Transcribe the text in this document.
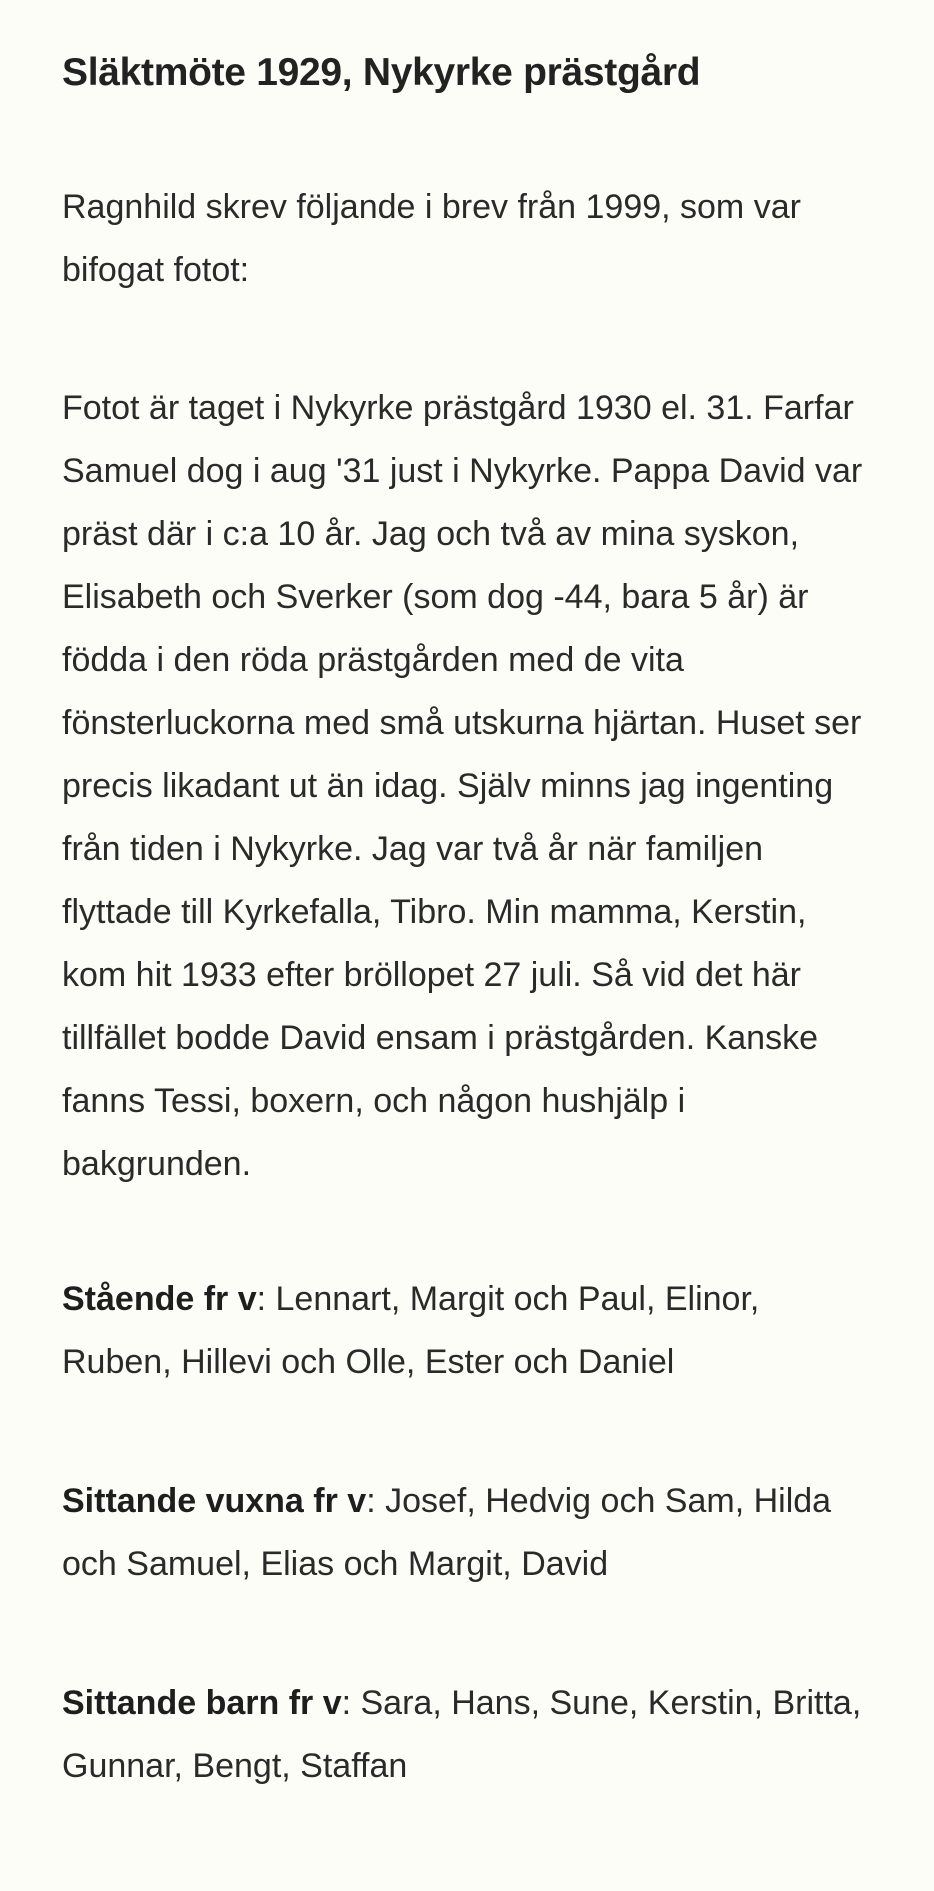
Släktmöte 1929, Nykyrke prästgård

Ragnhild skrev följande i brev från 1999, som var bifogat fotot:

Fotot är taget i Nykyrke prästgård 1930 el. 31. Farfar Samuel dog i aug '31 just i Nykyrke. Pappa David var präst där i c:a 10 år. Jag och två av mina syskon, Elisabeth och Sverker (som dog -44, bara 5 år) är födda i den röda prästgården med de vita fönsterluckorna med små utskurna hjärtan. Huset ser precis likadant ut än idag. Själv minns jag ingenting från tiden i Nykyrke. Jag var två år när familjen flyttade till Kyrkefalla, Tibro. Min mamma, Kerstin, kom hit 1933 efter bröllopet 27 juli. Så vid det här tillfället bodde David ensam i prästgården. Kanske fanns Tessi, boxern, och någon hushjälp i bakgrunden.

Stående fr v: Lennart, Margit och Paul, Elinor, Ruben, Hillevi och Olle, Ester och Daniel

Sittande vuxna fr v: Josef, Hedvig och Sam, Hilda och Samuel, Elias och Margit, David

Sittande barn fr v: Sara, Hans, Sune, Kerstin, Britta, Gunnar, Bengt, Staffan
